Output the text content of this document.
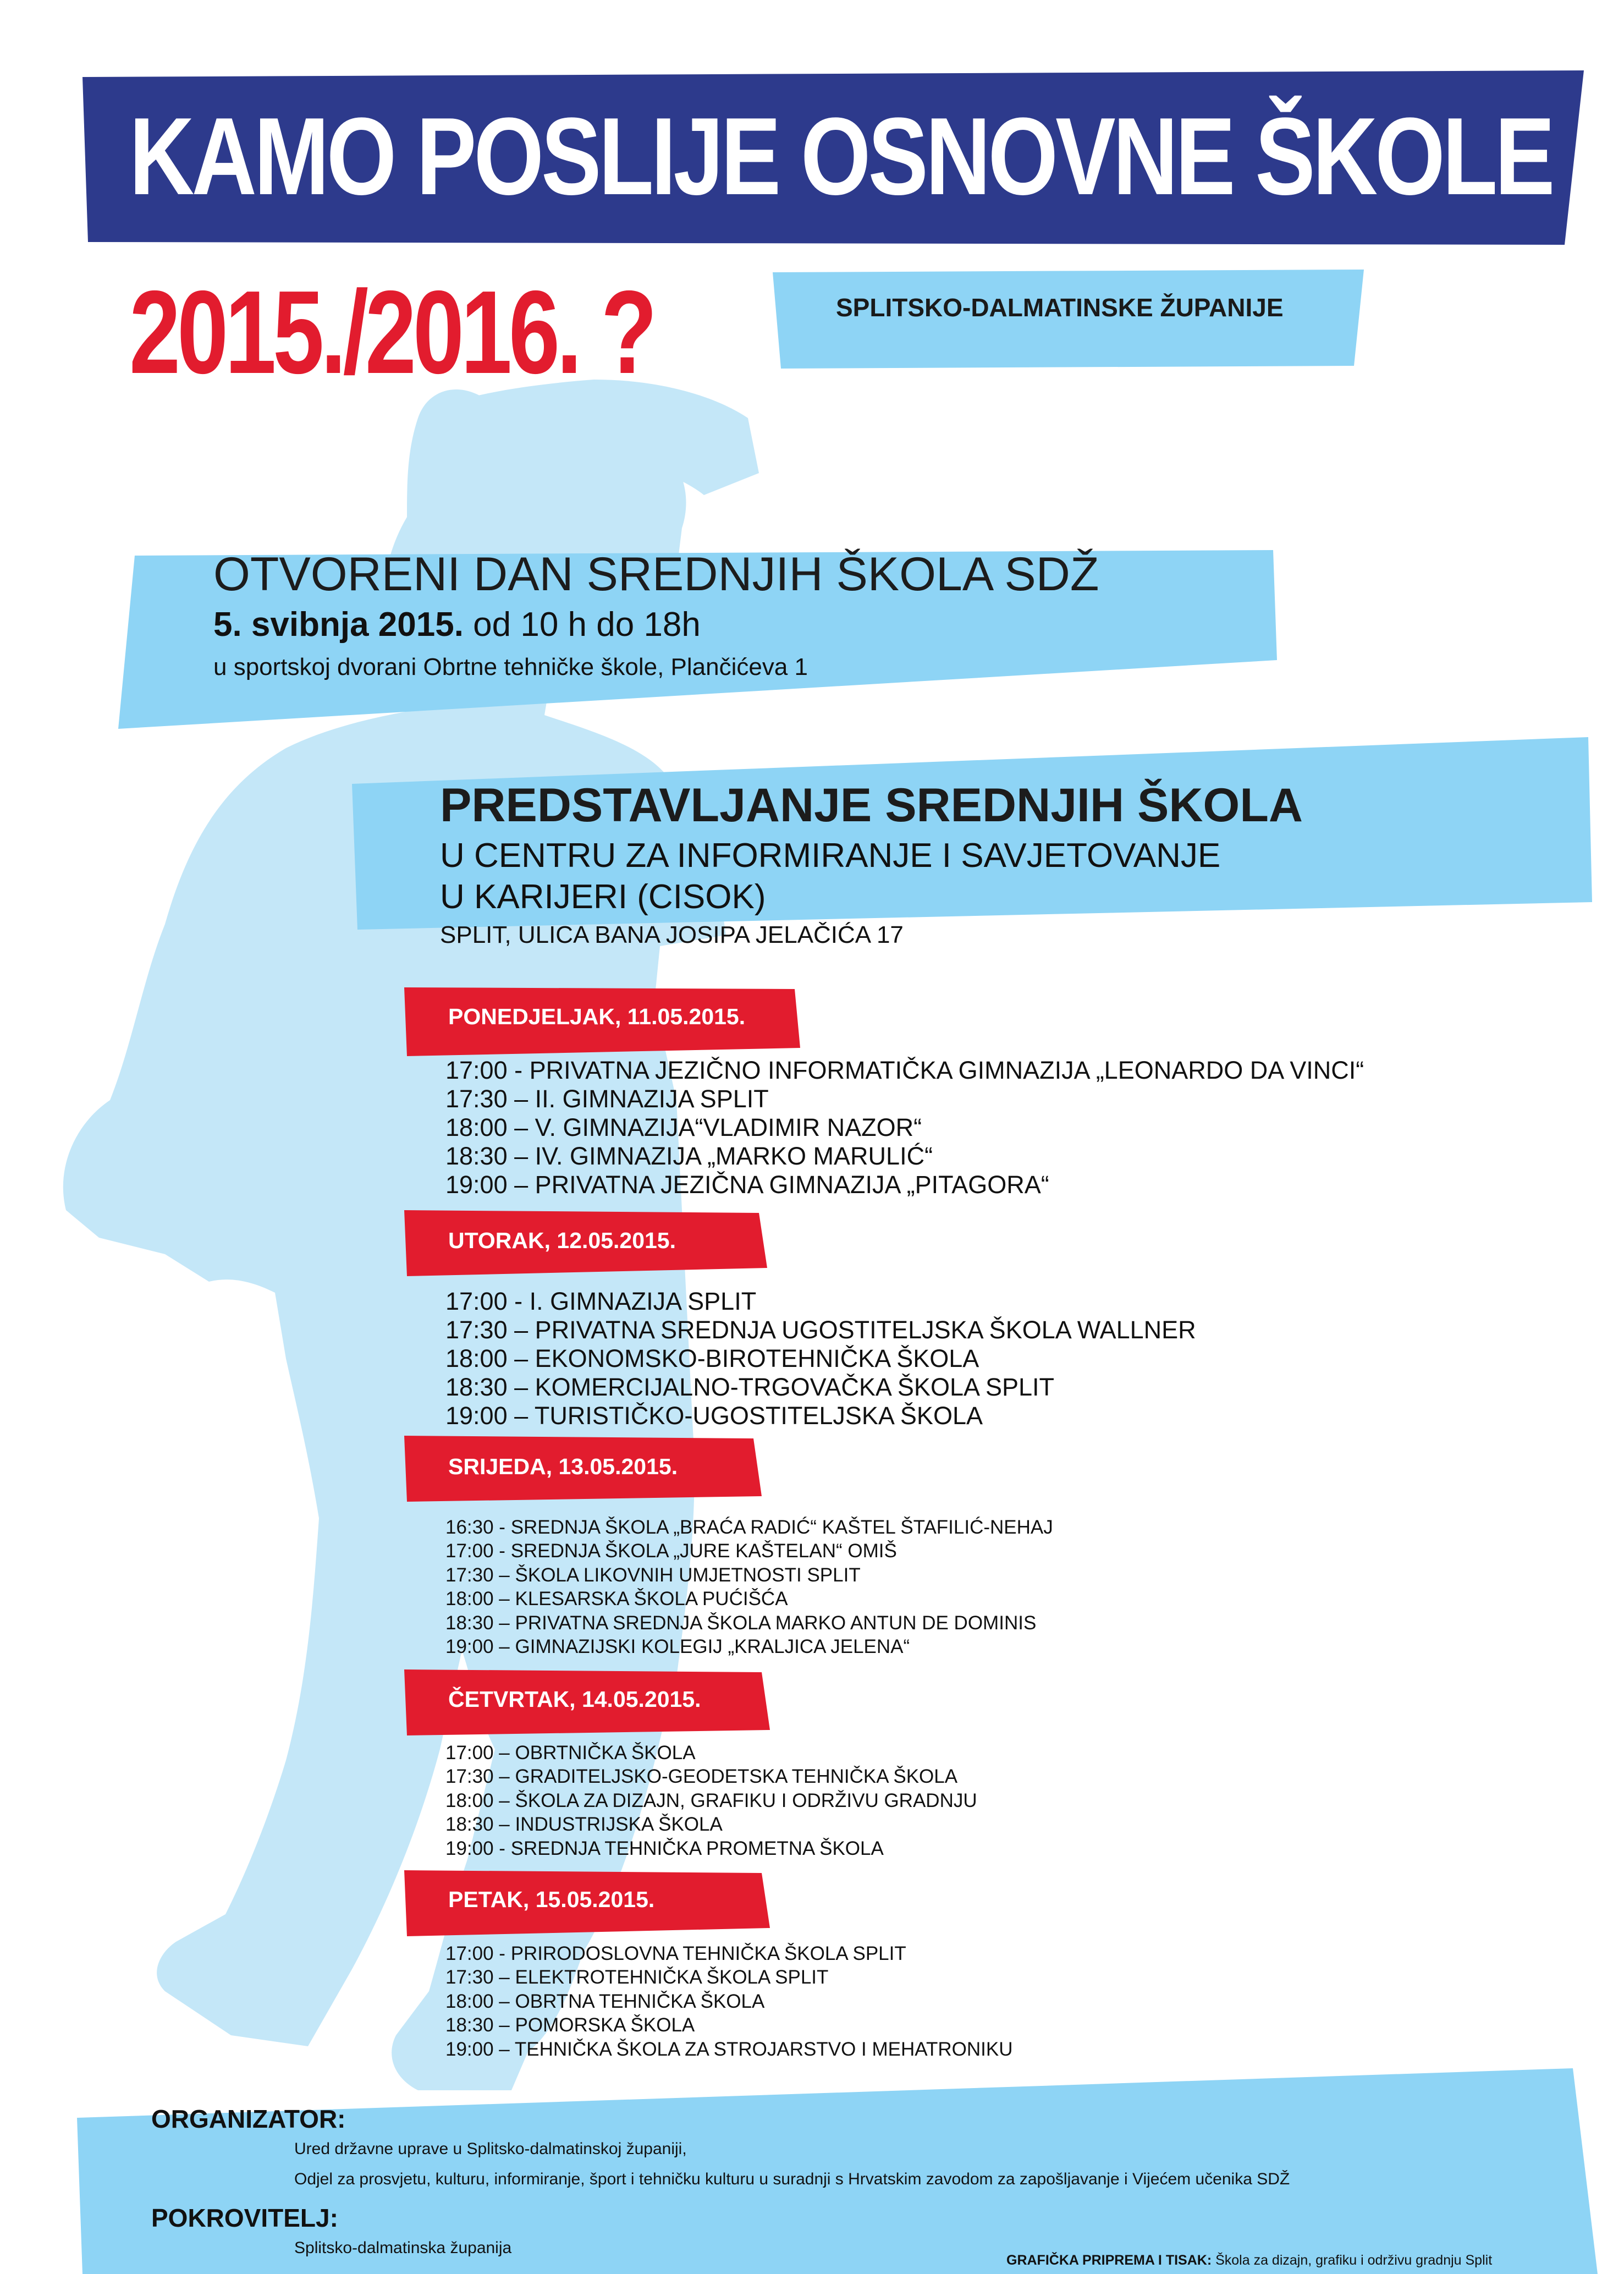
KAMO POSLIJE OSNOVNE ŠKOLE
2015./2016. ?	SPLITSKO-DALMATINSKE ŽUPANIJE
OTVORENI DAN SREDNJIH ŠKOLA SDŽ
5. svibnja 2015. od 10 h do 18h
u sportskoj dvorani Obrtne tehničke škole, Plančićeva 1
PREDSTAVLJANJE SREDNJIH ŠKOLA
U CENTRU ZA INFORMIRANJE I SAVJETOVANJE
U KARIJERI (CISOK)
SPLIT, ULICA BANA JOSIPA JELAČIĆA 17
PONEDJELJAK, 11.05.2015.
17:00 - PRIVATNA JEZIČNO INFORMATIČKA GIMNAZIJA „LEONARDO DA VINCI“
17:30 – II. GIMNAZIJA SPLIT
18:00 – V. GIMNAZIJA“VLADIMIR NAZOR“
18:30 – IV. GIMNAZIJA „MARKO MARULIĆ“
19:00 – PRIVATNA JEZIČNA GIMNAZIJA „PITAGORA“
UTORAK, 12.05.2015.
17:00 - I. GIMNAZIJA SPLIT
17:30 – PRIVATNA SREDNJA UGOSTITELJSKA ŠKOLA WALLNER
18:00 – EKONOMSKO-BIROTEHNIČKA ŠKOLA
18:30 – KOMERCIJALNO-TRGOVAČKA ŠKOLA SPLIT
19:00 – TURISTIČKO-UGOSTITELJSKA ŠKOLA
SRIJEDA, 13.05.2015.
16:30 - SREDNJA ŠKOLA „BRAĆA RADIĆ“ KAŠTEL ŠTAFILIĆ-NEHAJ
17:00 - SREDNJA ŠKOLA „JURE KAŠTELAN“ OMIŠ
17:30 – ŠKOLA LIKOVNIH UMJETNOSTI SPLIT
18:00 – KLESARSKA ŠKOLA PUĆIŠĆA
18:30 – PRIVATNA SREDNJA ŠKOLA MARKO ANTUN DE DOMINIS
19:00 – GIMNAZIJSKI KOLEGIJ „KRALJICA JELENA“
ČETVRTAK, 14.05.2015.
17:00 – OBRTNIČKA ŠKOLA
17:30 – GRADITELJSKO-GEODETSKA TEHNIČKA ŠKOLA
18:00 – ŠKOLA ZA DIZAJN, GRAFIKU I ODRŽIVU GRADNJU
18:30 – INDUSTRIJSKA ŠKOLA
19:00 - SREDNJA TEHNIČKA PROMETNA ŠKOLA
PETAK, 15.05.2015.
17:00 - PRIRODOSLOVNA TEHNIČKA ŠKOLA SPLIT
17:30 – ELEKTROTEHNIČKA ŠKOLA SPLIT
18:00 – OBRTNA TEHNIČKA ŠKOLA
18:30 – POMORSKA ŠKOLA
19:00 – TEHNIČKA ŠKOLA ZA STROJARSTVO I MEHATRONIKU
ORGANIZATOR:
Ured državne uprave u Splitsko-dalmatinskoj županiji,
Odjel za prosvjetu, kulturu, informiranje, šport i tehničku kulturu u suradnji s Hrvatskim zavodom za zapošljavanje i Vijećem učenika SDŽ
POKROVITELJ:
Splitsko-dalmatinska županija
GRAFIČKA PRIPREMA I TISAK: Škola za dizajn, grafiku i održivu gradnju Split
